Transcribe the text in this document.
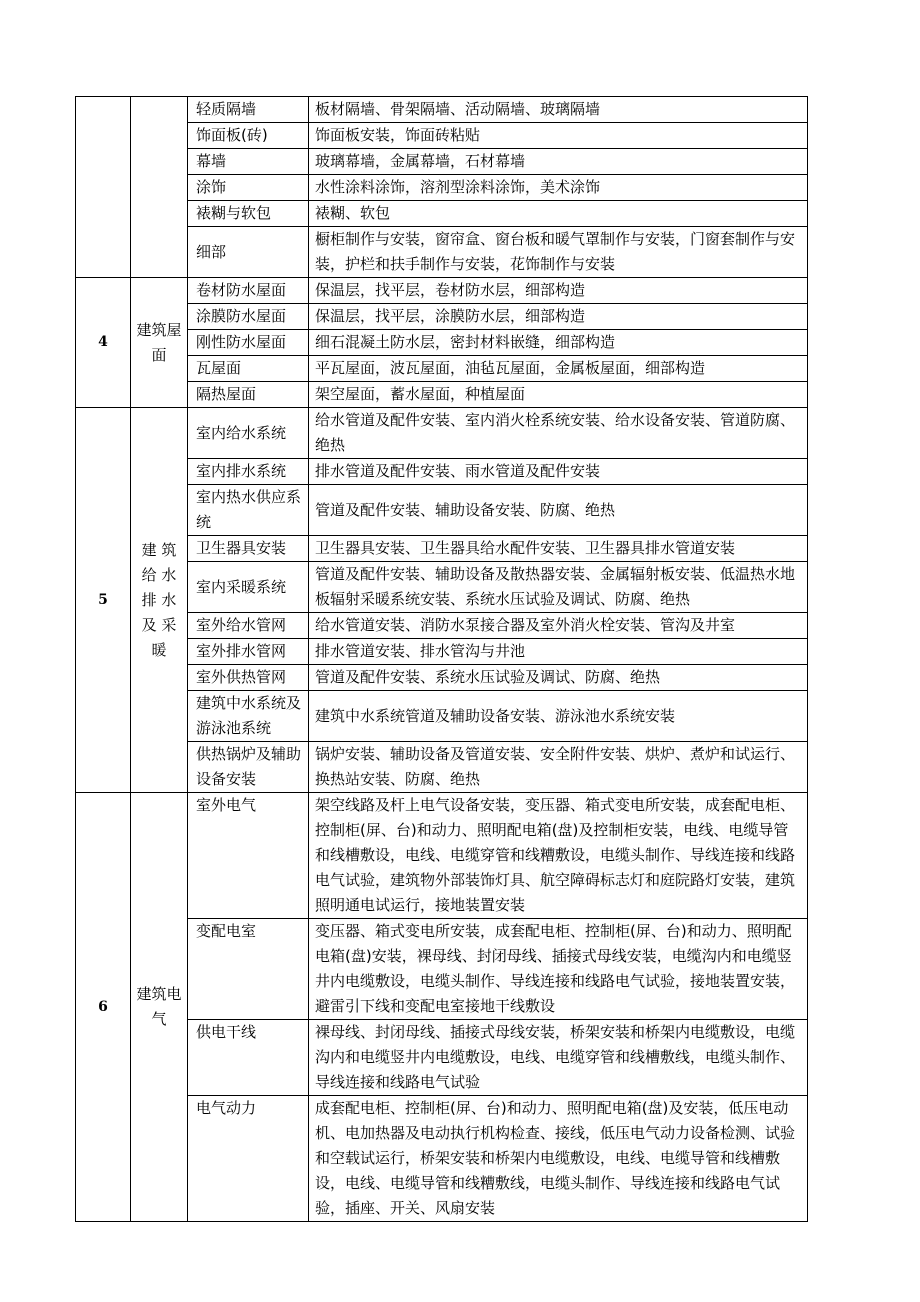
		轻质隔墙	板材隔墙、骨架隔墙、活动隔墙、玻璃隔墙
		饰面板(砖)	饰面板安装，饰面砖粘贴
		幕墙	玻璃幕墙，金属幕墙，石材幕墙
		涂饰	水性涂料涂饰，溶剂型涂料涂饰，美术涂饰
		裱糊与软包	裱糊、软包
		细部	橱柜制作与安装，窗帘盒、窗台板和暖气罩制作与安装，门窗套制作与安装，护栏和扶手制作与安装，花饰制作与安装
4	建筑屋面	卷材防水屋面	保温层，找平层，卷材防水层，细部构造
		涂膜防水屋面	保温层，找平层，涂膜防水层，细部构造
		刚性防水屋面	细石混凝土防水层，密封材料嵌缝，细部构造
		瓦屋面	平瓦屋面，波瓦屋面，油毡瓦屋面，金属板屋面，细部构造
		隔热屋面	架空屋面，蓄水屋面，种植屋面
5	建 筑 给 水 排 水 及 采 暖	室内给水系统	给水管道及配件安装、室内消火栓系统安装、给水设备安装、管道防腐、绝热
		室内排水系统	排水管道及配件安装、雨水管道及配件安装
		室内热水供应系统	管道及配件安装、辅助设备安装、防腐、绝热
		卫生器具安装	卫生器具安装、卫生器具给水配件安装、卫生器具排水管道安装
		室内采暖系统	管道及配件安装、辅助设备及散热器安装、金属辐射板安装、低温热水地板辐射采暖系统安装、系统水压试验及调试、防腐、绝热
		室外给水管网	给水管道安装、消防水泵接合器及室外消火栓安装、管沟及井室
		室外排水管网	排水管道安装、排水管沟与井池
		室外供热管网	管道及配件安装、系统水压试验及调试、防腐、绝热
		建筑中水系统及游泳池系统	建筑中水系统管道及辅助设备安装、游泳池水系统安装
		供热锅炉及辅助设备安装	锅炉安装、辅助设备及管道安装、安全附件安装、烘炉、煮炉和试运行、换热站安装、防腐、绝热
6	建筑电气	室外电气	架空线路及杆上电气设备安装，变压器、箱式变电所安装，成套配电柜、控制柜(屏、台)和动力、照明配电箱(盘)及控制柜安装，电线、电缆导管和线槽敷设，电线、电缆穿管和线糟敷设，电缆头制作、导线连接和线路电气试验，建筑物外部装饰灯具、航空障碍标志灯和庭院路灯安装，建筑照明通电试运行，接地装置安装
		变配电室	变压器、箱式变电所安装，成套配电柜、控制柜(屏、台)和动力、照明配电箱(盘)安装，裸母线、封闭母线、插接式母线安装，电缆沟内和电缆竖井内电缆敷设，电缆头制作、导线连接和线路电气试验，接地装置安装，避雷引下线和变配电室接地干线敷设
		供电干线	裸母线、封闭母线、插接式母线安装，桥架安装和桥架内电缆敷设，电缆沟内和电缆竖井内电缆敷设，电线、电缆穿管和线槽敷线，电缆头制作、导线连接和线路电气试验
		电气动力	成套配电柜、控制柜(屏、台)和动力、照明配电箱(盘)及安装，低压电动机、电加热器及电动执行机构检查、接线，低压电气动力设备检测、试验和空载试运行，桥架安装和桥架内电缆敷设，电线、电缆导管和线槽敷设，电线、电缆导管和线糟敷线，电缆头制作、导线连接和线路电气试验，插座、开关、风扇安装
